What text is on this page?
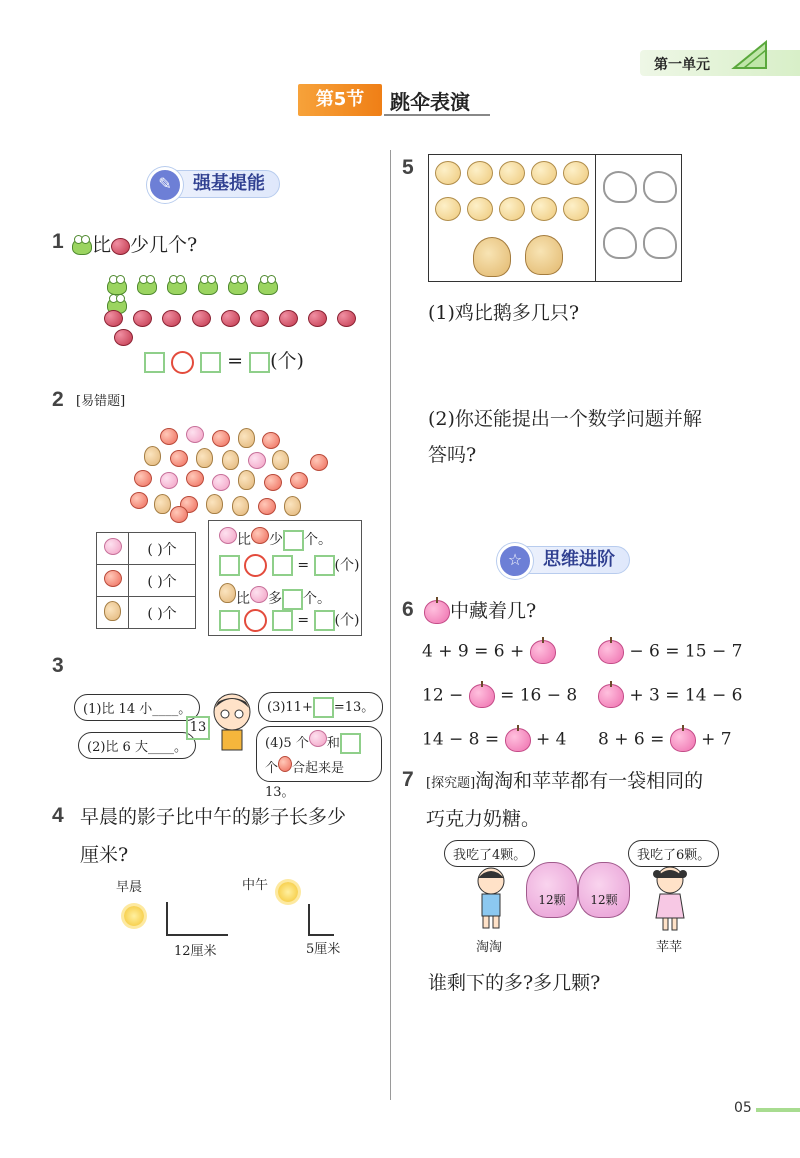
第一单元
第5节	跳伞表演
✎	强基提能
1	比 少几个?

= (个)
2 [易错题]
	( )个
	( )个
	( )个
比 少 个。
= (个)
比 多 个。
= (个)
3
(1)比 14 小____。
(2)比 6 大____。
13
(3)11+ =13。
(4)5 个 和
个 合起来是 13。
4 早晨的影子比中午的影子长多少
厘米?
早晨	中午
12厘米	5厘米
5
(1)鸡比鹅多几只?
(2)你还能提出一个数学问题并解
答吗?
☆	思维进阶
6	中藏着几?
4 + 9 = 6 +	− 6 = 15 − 7
12 − = 16 − 8	+ 3 = 14 − 6
14 − 8 = + 4 8 + 6 = + 7
7 [探究题]淘淘和苹苹都有一袋相同的
巧克力奶糖。
我吃了4颗。	我吃了6颗。
12颗	12颗
淘淘	苹苹
谁剩下的多?多几颗?
05
